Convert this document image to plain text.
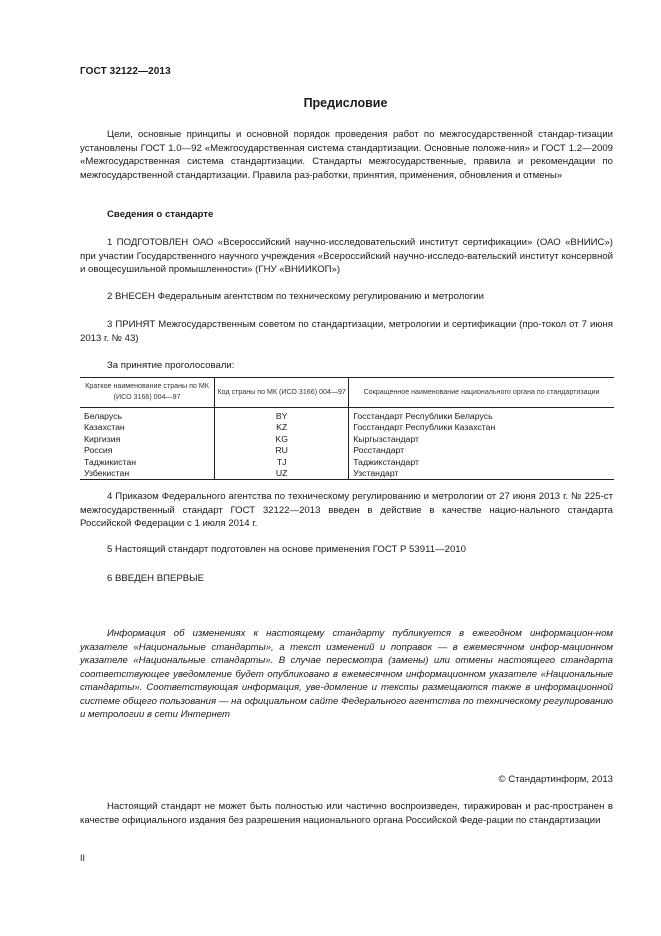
ГОСТ 32122—2013
Предисловие

Цели, основные принципы и основной порядок проведения работ по межгосударственной стандар-тизации установлены ГОСТ 1.0—92 «Межгосударственная система стандартизации. Основные положе-ния» и ГОСТ 1.2—2009 «Межгосударственная система стандартизации. Стандарты межгосударственные, правила и рекомендации по межгосударственной стандартизации. Правила раз-работки, принятия, применения, обновления и отмены»

Сведения о стандарте

1 ПОДГОТОВЛЕН ОАО «Всероссийский научно-исследовательский институт сертификации» (ОАО «ВНИИС») при участии Государственного научного учреждения «Всероссийский научно-исследо-вательский институт консервной и овощесушильной промышленности» (ГНУ «ВНИИКОП»)

2 ВНЕСЕН Федеральным агентством по техническому регулированию и метрологии

3 ПРИНЯТ Межгосударственным советом по стандартизации, метрологии и сертификации (про-токол от 7 июня 2013 г. № 43)

За принятие проголосовали:
Краткое наименование страны по МК (ИСО 3166) 004—97	Код страны по МК (ИСО 3166) 004—97	Сокращенное наименование национального органа по стандартизации
Беларусь	BY	Госстандарт Республики Беларусь
Казахстан	KZ	Госстандарт Республики Казахстан
Киргизия	KG	Кыргызстандарт
Россия	RU	Росстандарт
Таджикистан	TJ	Таджикстандарт
Узбекистан	UZ	Узстандарт

4 Приказом Федерального агентства по техническому регулированию и метрологии от 27 июня 2013 г. № 225-ст межгосударственный стандарт ГОСТ 32122—2013 введен в действие в качестве нацио-нального стандарта Российской Федерации с 1 июля 2014 г.

5 Настоящий стандарт подготовлен на основе применения ГОСТ Р 53911—2010

6 ВВЕДЕН ВПЕРВЫЕ

Информация об изменениях к настоящему стандарту публикуется в ежегодном информацион-ном указателе «Национальные стандарты», а текст изменений и поправок — в ежемесячном инфор-мационном указателе «Национальные стандарты». В случае пересмотра (замены) или отмены настоящего стандарта соответствующее уведомление будет опубликовано в ежемесячном информационном указателе «Национальные стандарты». Соответствующая информация, уве-домление и тексты размещаются также в информационной системе общего пользования — на официальном сайте Федерального агентства по техническому регулированию и метрологии в сети Интернет

© Стандартинформ, 2013

Настоящий стандарт не может быть полностью или частично воспроизведен, тиражирован и рас-пространен в качестве официального издания без разрешения национального органа Российской Феде-рации по стандартизации

II
